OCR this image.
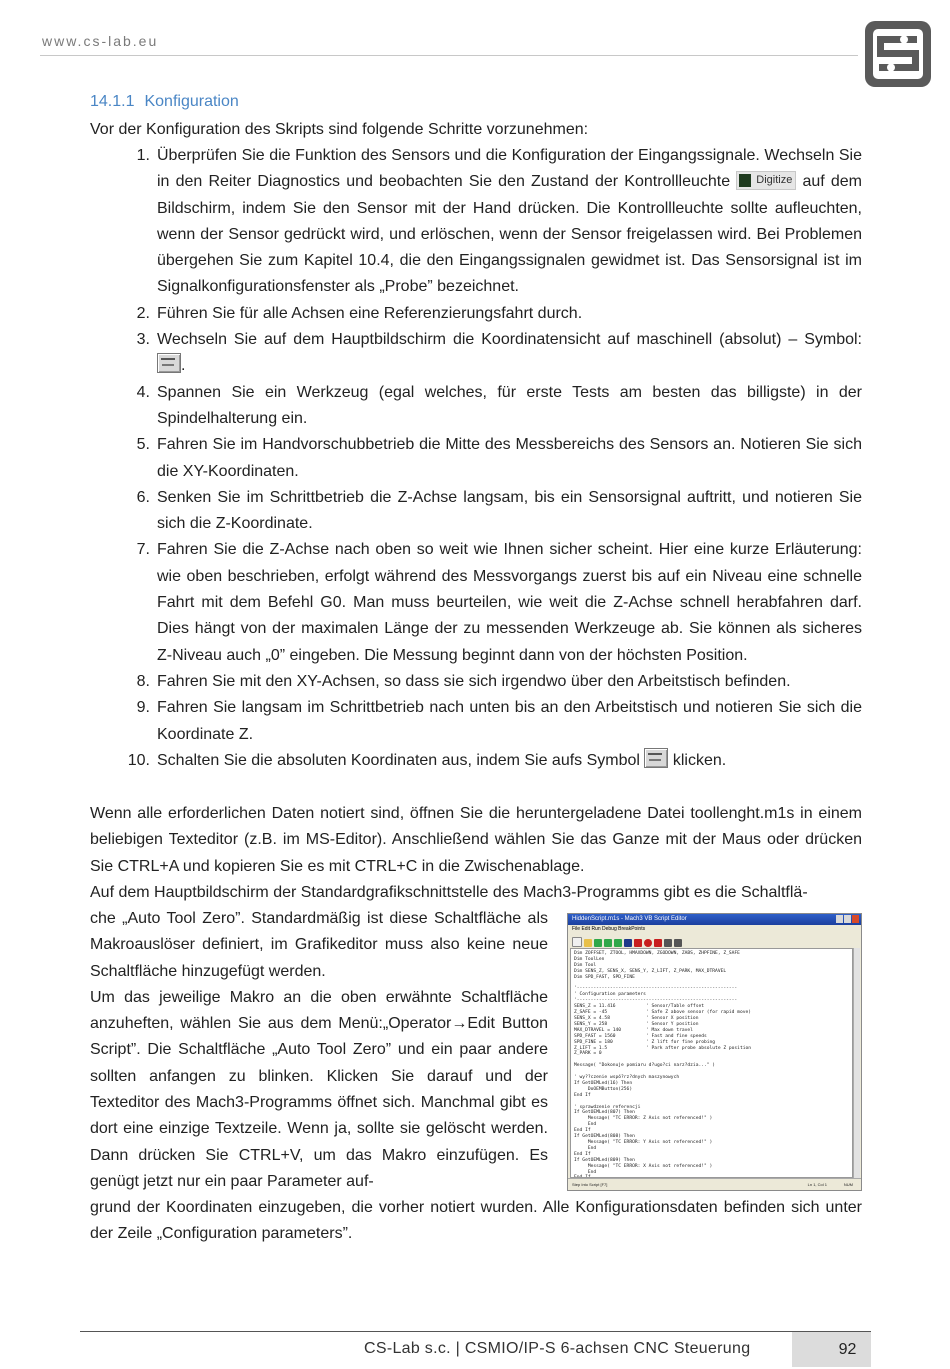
www.cs-lab.eu
14.1.1 Konfiguration
Vor der Konfiguration des Skripts sind folgende Schritte vorzunehmen:
1. Überprüfen Sie die Funktion des Sensors und die Konfiguration der Eingangssignale. Wechseln Sie in den Reiter Diagnostics und beobachten Sie den Zustand der Kontrollleuchte Digitize auf dem Bildschirm, indem Sie den Sensor mit der Hand drücken. Die Kontrollleuchte sollte aufleuchten, wenn der Sensor gedrückt wird, und erlöschen, wenn der Sensor freigelassen wird. Bei Problemen übergehen Sie zum Kapitel 10.4, die den Eingangssignalen gewidmet ist. Das Sensorsignal ist im Signalkonfigurationsfenster als „Probe” bezeichnet.
2. Führen Sie für alle Achsen eine Referenzierungsfahrt durch.
3. Wechseln Sie auf dem Hauptbildschirm die Koordinatensicht auf maschinell (absolut) – Symbol: .
4. Spannen Sie ein Werkzeug (egal welches, für erste Tests am besten das billigste) in der Spindelhalterung ein.
5. Fahren Sie im Handvorschubbetrieb die Mitte des Messbereichs des Sensors an. Notieren Sie sich die XY-Koordinaten.
6. Senken Sie im Schrittbetrieb die Z-Achse langsam, bis ein Sensorsignal auftritt, und notieren Sie sich die Z-Koordinate.
7. Fahren Sie die Z-Achse nach oben so weit wie Ihnen sicher scheint. Hier eine kurze Erläuterung: wie oben beschrieben, erfolgt während des Messvorgangs zuerst bis auf ein Niveau eine schnelle Fahrt mit dem Befehl G0. Man muss beurteilen, wie weit die Z-Achse schnell herabfahren darf. Dies hängt von der maximalen Länge der zu messenden Werkzeuge ab. Sie können als sicheres Z-Niveau auch „0” eingeben. Die Messung beginnt dann von der höchsten Position.
8. Fahren Sie mit den XY-Achsen, so dass sie sich irgendwo über den Arbeitstisch befinden.
9. Fahren Sie langsam im Schrittbetrieb nach unten bis an den Arbeitstisch und notieren Sie sich die Koordinate Z.
10. Schalten Sie die absoluten Koordinaten aus, indem Sie aufs Symbol  klicken.
Wenn alle erforderlichen Daten notiert sind, öffnen Sie die heruntergeladene Datei toollenght.m1s in einem beliebigen Texteditor (z.B. im MS-Editor). Anschließend wählen Sie das Ganze mit der Maus oder drücken Sie CTRL+A und kopieren Sie es mit CTRL+C in die Zwischenablage.
Auf dem Hauptbildschirm der Standardgrafikschnittstelle des Mach3-Programms gibt es die Schaltflä-
che „Auto Tool Zero”. Standardmäßig ist diese Schaltfläche als Makroauslöser definiert, im Grafikeditor muss also keine neue Schaltfläche hinzugefügt werden.
Um das jeweilige Makro an die oben erwähnte Schaltfläche anzuheften, wählen Sie aus dem Menü:„Operator→Edit Button Script”. Die Schaltfläche „Auto Tool Zero” und ein paar andere sollten anfangen zu blinken. Klicken Sie darauf und der Texteditor des Mach3-Programms öffnet sich. Manchmal gibt es dort eine einzige Textzeile. Wenn ja, sollte sie gelöscht werden. Dann drücken Sie CTRL+V, um das Makro einzufügen. Es genügt jetzt nur ein paar Parameter auf-
HiddenScript.m1s - Mach3 VB Script Editor
File Edit Run Debug BreakPoints
Dim ZOFFSET, ZTOOL, HMAXDOWN, ZGODOWN, ZABS, ZHPFINE, Z_SAFE
Dim ToolLen
Dim Tool
Dim SENS_Z, SENS_X, SENS_Y, Z_LIFT, Z_PARK, MAX_DTRAVEL
Dim SPD_FAST, SPD_FINE

'----------------------------------------------------------
' Configuration parameters
'----------------------------------------------------------
SENS_Z = 11.416           ' Sensor/Table offset
Z_SAFE = -45              ' Safe Z above sensor (for rapid move)
SENS_X = 4.58             ' Sensor X position
SENS_Y = 258              ' Sensor Y position
MAX_DTRAVEL = 140         ' Max down travel
SPD_FAST = 1560           ' Fast and fine speeds
SPD_FINE = 180            ' Z lift for fine probing
Z_LIFT = 1.5              ' Park after probe absolute Z position
Z_PARK = 0

Message( "Dokonuje pomiaru d?ugo?ci narz?dzia..." )

' wy??czenie wspó?rz?dnych maszynowych
If GetOEMLed(16) Then
DoOEMButton(256)
End If

' sprawdzenie referencji
If GetOEMLed(807) Then
Message( "TC ERROR: Z Axis not referenced!" )
End
End If
If GetOEMLed(808) Then
Message( "TC ERROR: Y Axis not referenced!" )
End
End If
If GetOEMLed(809) Then
Message( "TC ERROR: X Axis not referenced!" )
End
End If

Step Into Script [F7]	Ln 1, Col 1	NUM
grund der Koordinaten einzugeben, die vorher notiert wurden. Alle Konfigurationsdaten befinden sich unter der Zeile „Configuration parameters”.
CS-Lab s.c. | CSMIO/IP-S 6-achsen CNC Steuerung	92
